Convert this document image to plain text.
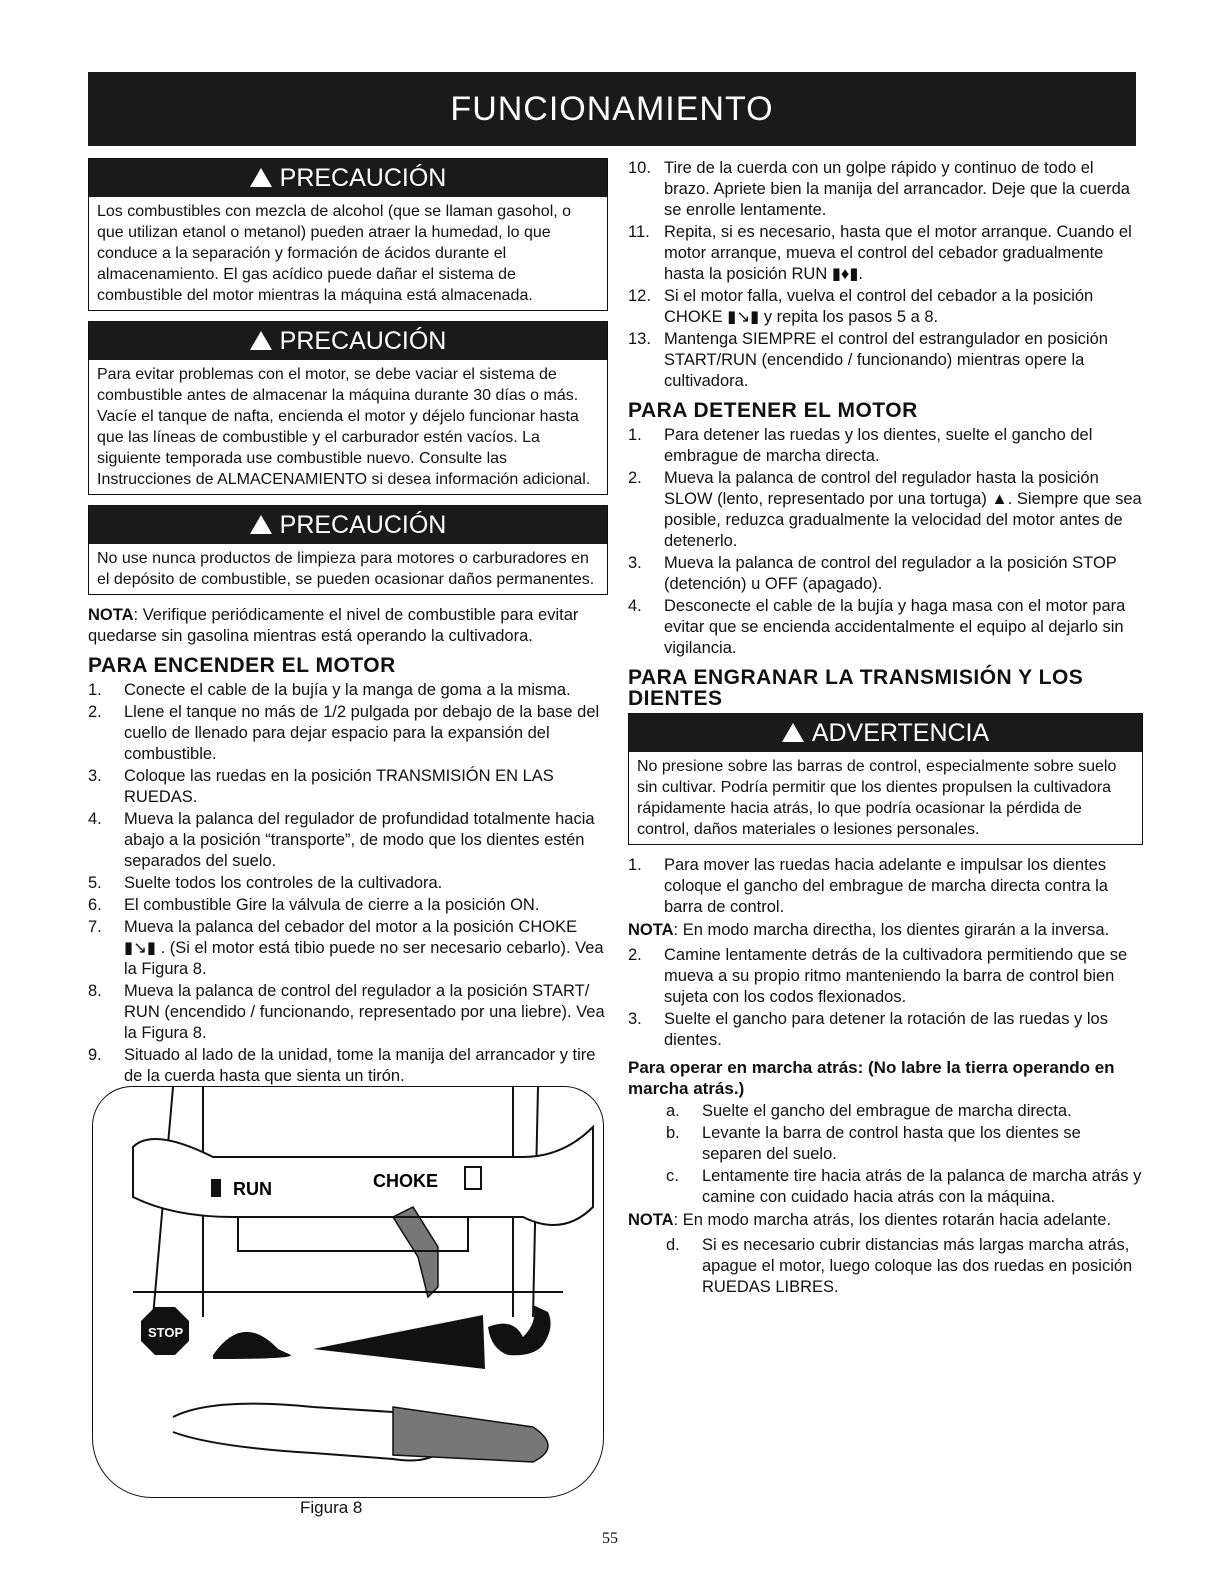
FUNCIONAMIENTO
PRECAUCIÓN
Los combustibles con mezcla de alcohol (que se llaman gasohol, o que utilizan etanol o metanol) pueden atraer la humedad, lo que conduce a la separación y formación de ácidos durante el almacenamiento. El gas acídico puede dañar el sistema de combustible del motor mientras la máquina está almacenada.
PRECAUCIÓN
Para evitar problemas con el motor, se debe vaciar el sistema de combustible antes de almacenar la máquina durante 30 días o más. Vacíe el tanque de nafta, encienda el motor y déjelo funcionar hasta que las líneas de combustible y el carburador estén vacíos. La siguiente temporada use combustible nuevo. Consulte las Instrucciones de ALMACENAMIENTO si desea información adicional.
PRECAUCIÓN
No use nunca productos de limpieza para motores o carburadores en el depósito de combustible, se pueden ocasionar daños permanentes.
NOTA: Verifique periódicamente el nivel de combustible para evitar quedarse sin gasolina mientras está operando la cultivadora.
PARA ENCENDER EL MOTOR
1.	Conecte el cable de la bujía y la manga de goma a la misma.
2.	Llene el tanque no más de 1/2 pulgada por debajo de la base del cuello de llenado para dejar espacio para la expansión del combustible.
3.	Coloque las ruedas en la posición TRANSMISIÓN EN LAS RUEDAS.
4.	Mueva la palanca del regulador de profundidad totalmente hacia abajo a la posición “transporte”, de modo que los dientes estén separados del suelo.
5.	Suelte todos los controles de la cultivadora.
6.	El combustible Gire la válvula de cierre a la posición ON.
7.	Mueva la palanca del cebador del motor a la posición CHOKE ▮↘▮ . (Si el motor está tibio puede no ser necesario cebarlo). Vea la Figura 8.
8.	Mueva la palanca de control del regulador a la posición START/ RUN (encendido / funcionando, representado por una liebre). Vea la Figura 8.
9.	Situado al lado de la unidad, tome la manija del arrancador y tire de la cuerda hasta que sienta un tirón.
RUN	CHOKE
STOP
Figura 8
10. Tire de la cuerda con un golpe rápido y continuo de todo el brazo. Apriete bien la manija del arrancador. Deje que la cuerda se enrolle lentamente.
11. Repita, si es necesario, hasta que el motor arranque. Cuando el motor arranque, mueva el control del cebador gradualmente hasta la posición RUN ▮♦▮.
12. Si el motor falla, vuelva el control del cebador a la posición CHOKE ▮↘▮ y repita los pasos 5 a 8.
13. Mantenga SIEMPRE el control del estrangulador en posición START/RUN (encendido / funcionando) mientras opere la cultivadora.
PARA DETENER EL MOTOR
1.	Para detener las ruedas y los dientes, suelte el gancho del embrague de marcha directa.
2.	Mueva la palanca de control del regulador hasta la posición SLOW (lento, representado por una tortuga) ▲. Siempre que sea posible, reduzca gradualmente la velocidad del motor antes de detenerlo.
3.	Mueva la palanca de control del regulador a la posición STOP (detención) u OFF (apagado).
4.	Desconecte el cable de la bujía y haga masa con el motor para evitar que se encienda accidentalmente el equipo al dejarlo sin vigilancia.
PARA ENGRANAR LA TRANSMISIÓN Y LOS DIENTES
ADVERTENCIA
No presione sobre las barras de control, especialmente sobre suelo sin cultivar. Podría permitir que los dientes propulsen la cultivadora rápidamente hacia atrás, lo que podría ocasionar la pérdida de control, daños materiales o lesiones personales.
1.	Para mover las ruedas hacia adelante e impulsar los dientes coloque el gancho del embrague de marcha directa contra la barra de control.
NOTA: En modo marcha directha, los dientes girarán a la inversa.
2.	Camine lentamente detrás de la cultivadora permitiendo que se mueva a su propio ritmo manteniendo la barra de control bien sujeta con los codos flexionados.
3.	Suelte el gancho para detener la rotación de las ruedas y los dientes.
Para operar en marcha atrás: (No labre la tierra operando en marcha atrás.)
a.	Suelte el gancho del embrague de marcha directa.
b.	Levante la barra de control hasta que los dientes se separen del suelo.
c.	Lentamente tire hacia atrás de la palanca de marcha atrás y camine con cuidado hacia atrás con la máquina.
NOTA: En modo marcha atrás, los dientes rotarán hacia adelante.
d.	Si es necesario cubrir distancias más largas marcha atrás, apague el motor, luego coloque las dos ruedas en posición RUEDAS LIBRES.
55
